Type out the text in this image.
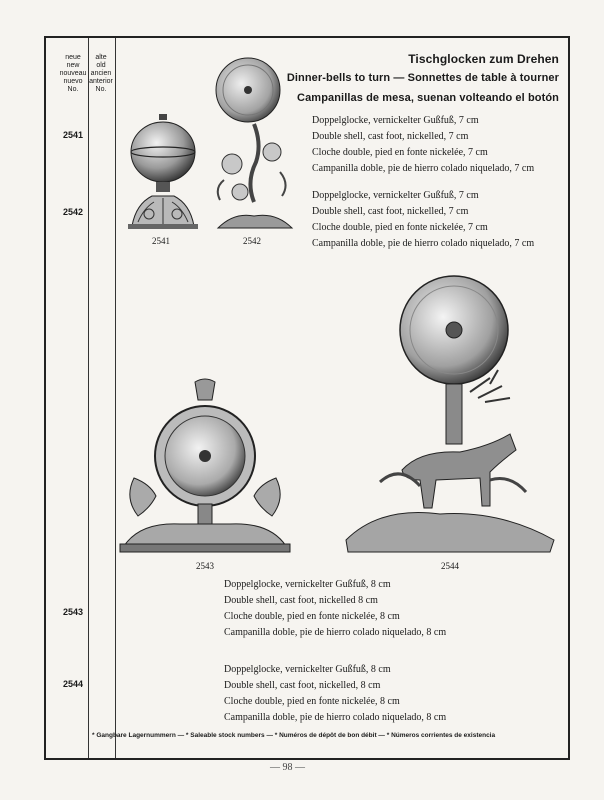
neue
new
nouveau
nuevo
No.
alte
old
ancien
anterior
No.
Tischglocken zum Drehen
Dinner-bells to turn — Sonnettes de table à tourner
Campanillas de mesa, suenan volteando el botón
2541
2542
2543
2544
Doppelglocke, vernickelter Gußfuß, 7 cm
Double shell, cast foot, nickelled, 7 cm
Cloche double, pied en fonte nickelée, 7 cm
Campanilla doble, pie de hierro colado niquelado, 7 cm
Doppelglocke, vernickelter Gußfuß, 7 cm
Double shell, cast foot, nickelled, 7 cm
Cloche double, pied en fonte nickelée, 7 cm
Campanilla doble, pie de hierro colado niquelado, 7 cm
Doppelglocke, vernickelter Gußfuß, 8 cm
Double shell, cast foot, nickelled 8 cm
Cloche double, pied en fonte nickelée, 8 cm
Campanilla doble, pie de hierro colado niquelado, 8 cm
Doppelglocke, vernickelter Gußfuß, 8 cm
Double shell, cast foot, nickelled, 8 cm
Cloche double, pied en fonte nickelée, 8 cm
Campanilla doble, pie de hierro colado niquelado, 8 cm
2541	2542
2543	2544
* Gangbare Lagernummern — * Saleable stock numbers — * Numéros de dépôt de bon débit — * Números corrientes de existencia
— 98 —
